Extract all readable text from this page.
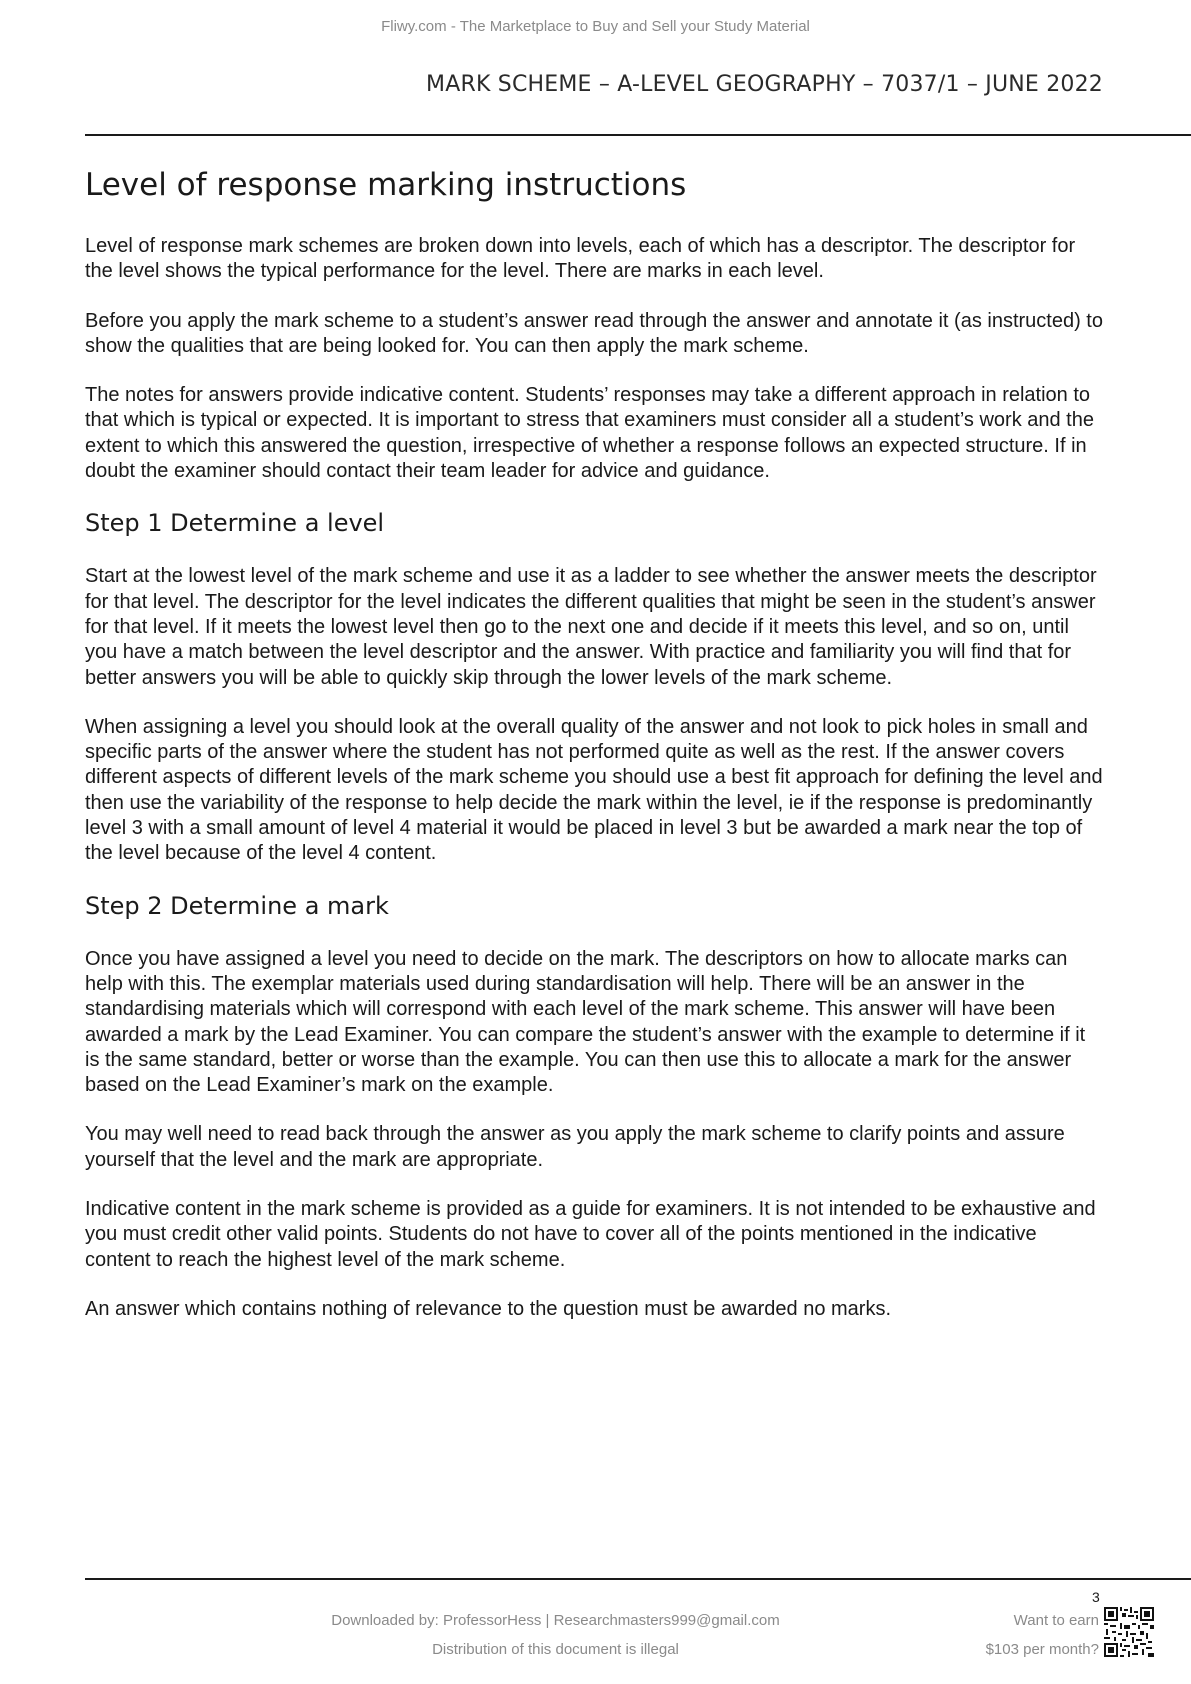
Fliwy.com - The Marketplace to Buy and Sell your Study Material
MARK SCHEME – A-LEVEL GEOGRAPHY – 7037/1 – JUNE 2022
Level of response marking instructions

Level of response mark schemes are broken down into levels, each of which has a descriptor. The descriptor for the level shows the typical performance for the level. There are marks in each level.

Before you apply the mark scheme to a student’s answer read through the answer and annotate it (as instructed) to show the qualities that are being looked for. You can then apply the mark scheme.

The notes for answers provide indicative content. Students’ responses may take a different approach in relation to that which is typical or expected. It is important to stress that examiners must consider all a student’s work and the extent to which this answered the question, irrespective of whether a response follows an expected structure. If in doubt the examiner should contact their team leader for advice and guidance.

Step 1 Determine a level

Start at the lowest level of the mark scheme and use it as a ladder to see whether the answer meets the descriptor for that level. The descriptor for the level indicates the different qualities that might be seen in the student’s answer for that level. If it meets the lowest level then go to the next one and decide if it meets this level, and so on, until you have a match between the level descriptor and the answer. With practice and familiarity you will find that for better answers you will be able to quickly skip through the lower levels of the mark scheme.

When assigning a level you should look at the overall quality of the answer and not look to pick holes in small and specific parts of the answer where the student has not performed quite as well as the rest. If the answer covers different aspects of different levels of the mark scheme you should use a best fit approach for defining the level and then use the variability of the response to help decide the mark within the level, ie if the response is predominantly level 3 with a small amount of level 4 material it would be placed in level 3 but be awarded a mark near the top of the level because of the level 4 content.

Step 2 Determine a mark

Once you have assigned a level you need to decide on the mark. The descriptors on how to allocate marks can help with this. The exemplar materials used during standardisation will help. There will be an answer in the standardising materials which will correspond with each level of the mark scheme. This answer will have been awarded a mark by the Lead Examiner. You can compare the student’s answer with the example to determine if it is the same standard, better or worse than the example. You can then use this to allocate a mark for the answer based on the Lead Examiner’s mark on the example.

You may well need to read back through the answer as you apply the mark scheme to clarify points and assure yourself that the level and the mark are appropriate.

Indicative content in the mark scheme is provided as a guide for examiners. It is not intended to be exhaustive and you must credit other valid points. Students do not have to cover all of the points mentioned in the indicative content to reach the highest level of the mark scheme.

An answer which contains nothing of relevance to the question must be awarded no marks.

3
Downloaded by: ProfessorHess | Researchmasters999@gmail.com
Distribution of this document is illegal
Want to earn
$103 per month?
